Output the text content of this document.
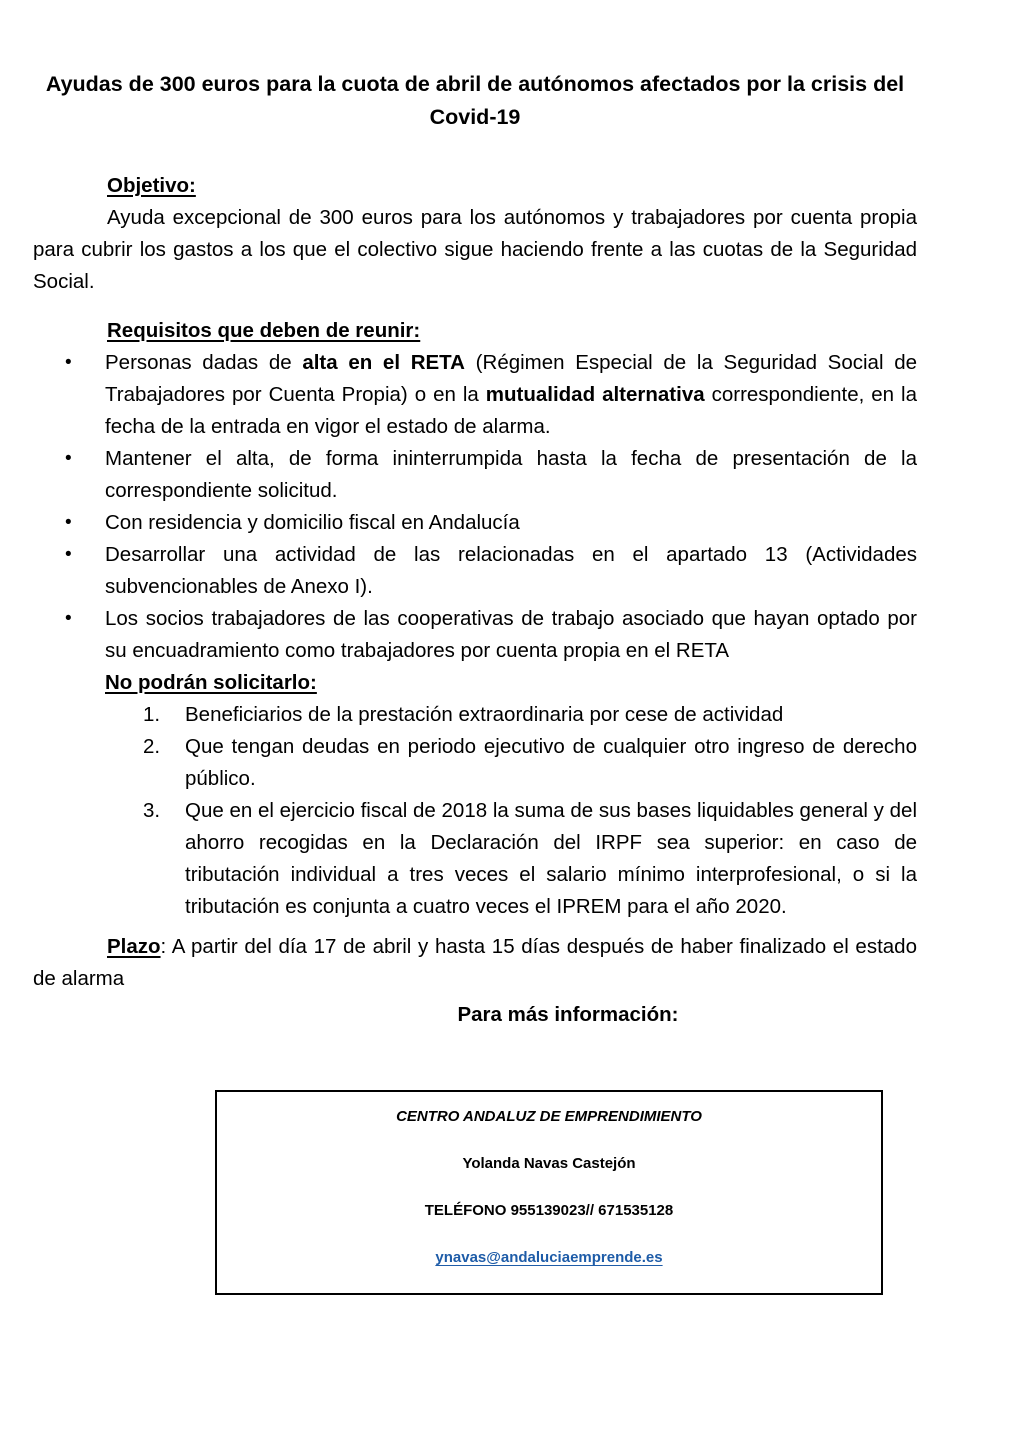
Ayudas de 300 euros para la cuota de abril de autónomos afectados por la crisis del
Covid-19

Objetivo:

Ayuda excepcional de 300 euros para los autónomos y trabajadores por cuenta propia para cubrir los gastos a los que el colectivo sigue haciendo frente a las cuotas de la Seguridad Social.

Requisitos que deben de reunir:

• Personas dadas de alta en el RETA (Régimen Especial de la Seguridad Social de Trabajadores por Cuenta Propia) o en la mutualidad alternativa correspondiente, en la fecha de la entrada en vigor el estado de alarma.
• Mantener el alta, de forma ininterrumpida hasta la fecha de presentación de la correspondiente solicitud.
• Con residencia y domicilio fiscal en Andalucía
• Desarrollar una actividad de las relacionadas en el apartado 13 (Actividades subvencionables de Anexo I).
• Los socios trabajadores de las cooperativas de trabajo asociado que hayan optado por su encuadramiento como trabajadores por cuenta propia en el RETA

No podrán solicitarlo:

1. Beneficiarios de la prestación extraordinaria por cese de actividad
2. Que tengan deudas en periodo ejecutivo de cualquier otro ingreso de derecho público.
3. Que en el ejercicio fiscal de 2018 la suma de sus bases liquidables general y del ahorro recogidas en la Declaración del IRPF sea superior: en caso de tributación individual a tres veces el salario mínimo interprofesional, o si la tributación es conjunta a cuatro veces el IPREM para el año 2020.

Plazo: A partir del día 17 de abril y hasta 15 días después de haber finalizado el estado de alarma

Para más información:

CENTRO ANDALUZ DE EMPRENDIMIENTO

Yolanda Navas Castejón

TELÉFONO 955139023// 671535128

ynavas@andaluciaemprende.es
